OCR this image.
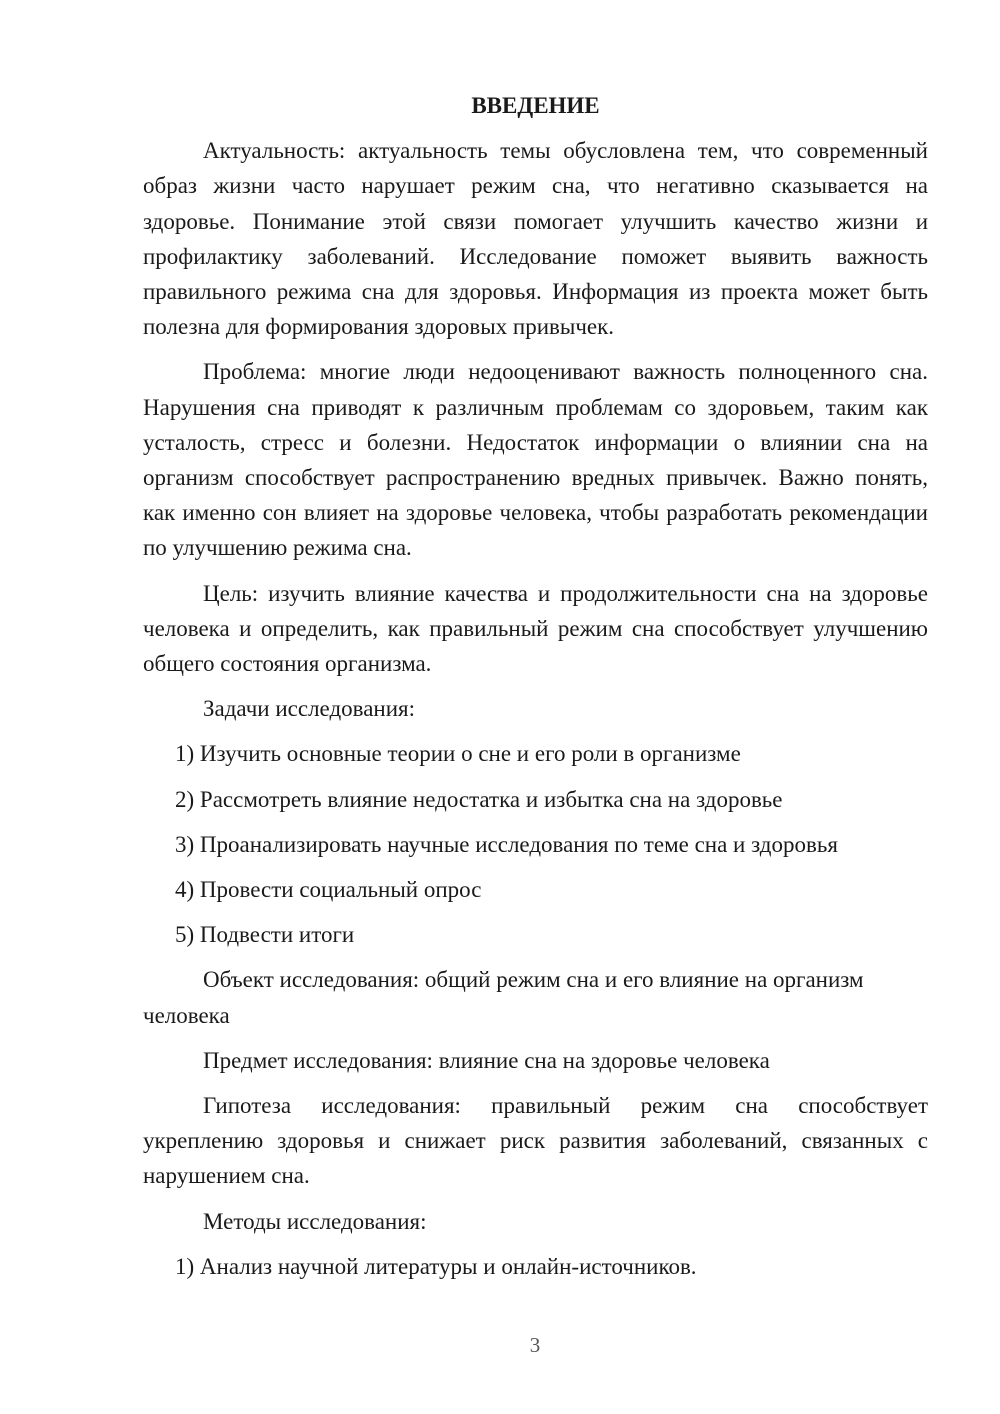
ВВЕДЕНИЕ

Актуальность: актуальность темы обусловлена тем, что современный образ жизни часто нарушает режим сна, что негативно сказывается на здоровье. Понимание этой связи помогает улучшить качество жизни и профилактику заболеваний. Исследование поможет выявить важность правильного режима сна для здоровья. Информация из проекта может быть полезна для формирования здоровых привычек.

Проблема: многие люди недооценивают важность полноценного сна. Нарушения сна приводят к различным проблемам со здоровьем, таким как усталость, стресс и болезни. Недостаток информации о влиянии сна на организм способствует распространению вредных привычек. Важно понять, как именно сон влияет на здоровье человека, чтобы разработать рекомендации по улучшению режима сна.

Цель: изучить влияние качества и продолжительности сна на здоровье человека и определить, как правильный режим сна способствует улучшению общего состояния организма.

Задачи исследования:

1) Изучить основные теории о сне и его роли в организме
2) Рассмотреть влияние недостатка и избытка сна на здоровье
3) Проанализировать научные исследования по теме сна и здоровья
4) Провести социальный опрос
5) Подвести итоги

Объект исследования: общий режим сна и его влияние на организм человека

Предмет исследования: влияние сна на здоровье человека

Гипотеза исследования: правильный режим сна способствует укреплению здоровья и снижает риск развития заболеваний, связанных с нарушением сна.

Методы исследования:

1) Анализ научной литературы и онлайн-источников.
3
